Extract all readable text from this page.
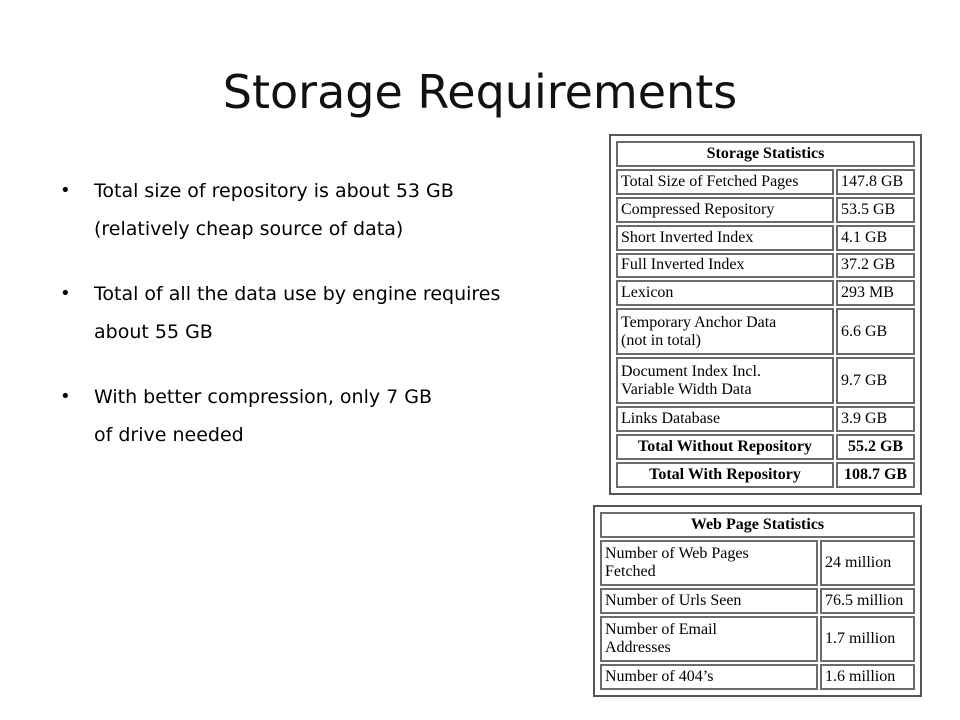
Storage Requirements
• Total size of repository is about 53 GB
(relatively cheap source of data)
• Total of all the data use by engine requires
about 55 GB
• With better compression, only 7 GB
of drive needed
Storage Statistics	
Total Size of Fetched Pages	147.8 GB
Compressed Repository	53.5 GB
Short Inverted Index	4.1 GB
Full Inverted Index	37.2 GB
Lexicon	293 MB
Temporary Anchor Data
(not in total)	6.6 GB
Document Index Incl.
Variable Width Data	9.7 GB
Links Database	3.9 GB
Total Without Repository	55.2 GB
Total With Repository	108.7 GB
Web Page Statistics	
Number of Web Pages
Fetched	24 million
Number of Urls Seen	76.5 million
Number of Email
Addresses	1.7 million
Number of 404’s	1.6 million
